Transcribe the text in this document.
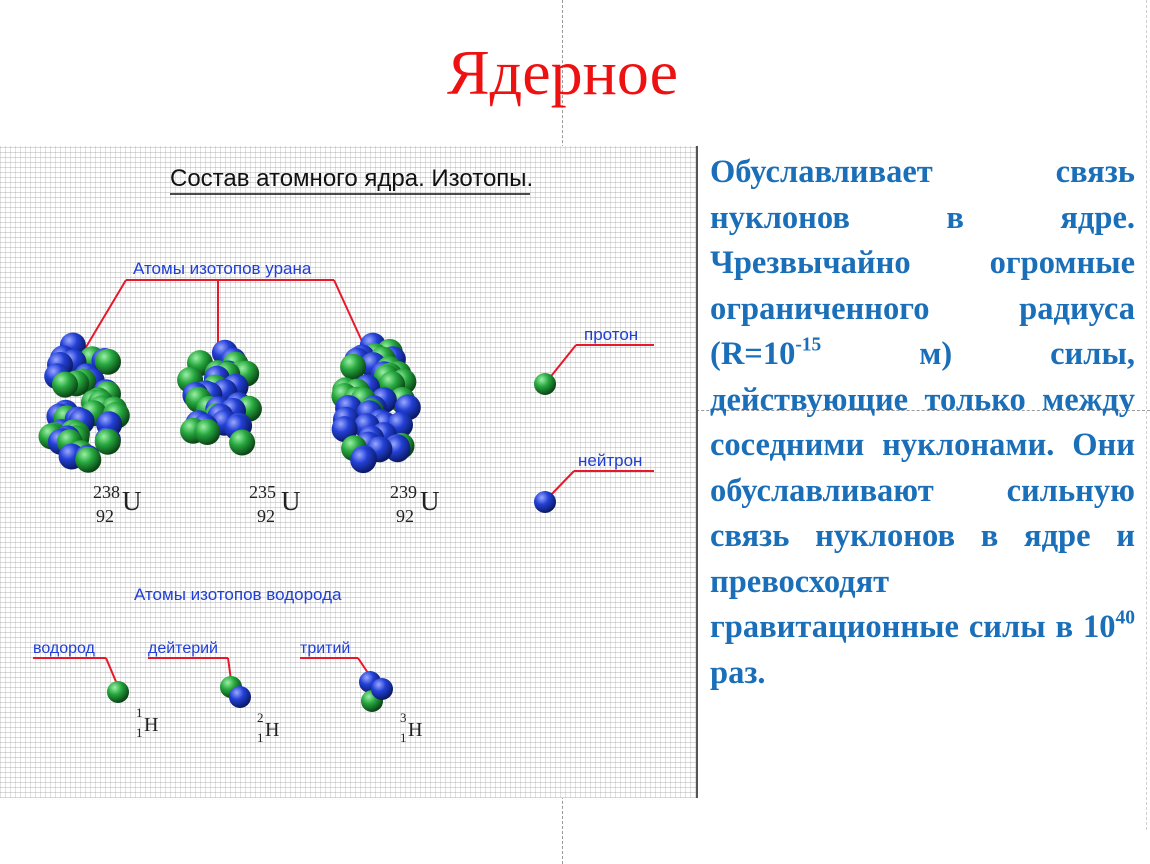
Ядерное
Состав атомного ядра. Изотопы.
Атомы изотопов урана
238
92 U	235
92 U	239
92 U
протон
нейтрон
Атомы изотопов водорода
водород
1
1 H
дейтерий
2
1 H
тритий
3
1 H

Обуславливает связь нуклонов в ядре. Чрезвычайно огромные ограниченного радиуса ($R=10^{-15}$ м) силы, действующие только между соседними нуклонами. Они обуславливают сильную связь нуклонов в ядре и превосходят гравитационные силы в $10^{40}$ раз.
